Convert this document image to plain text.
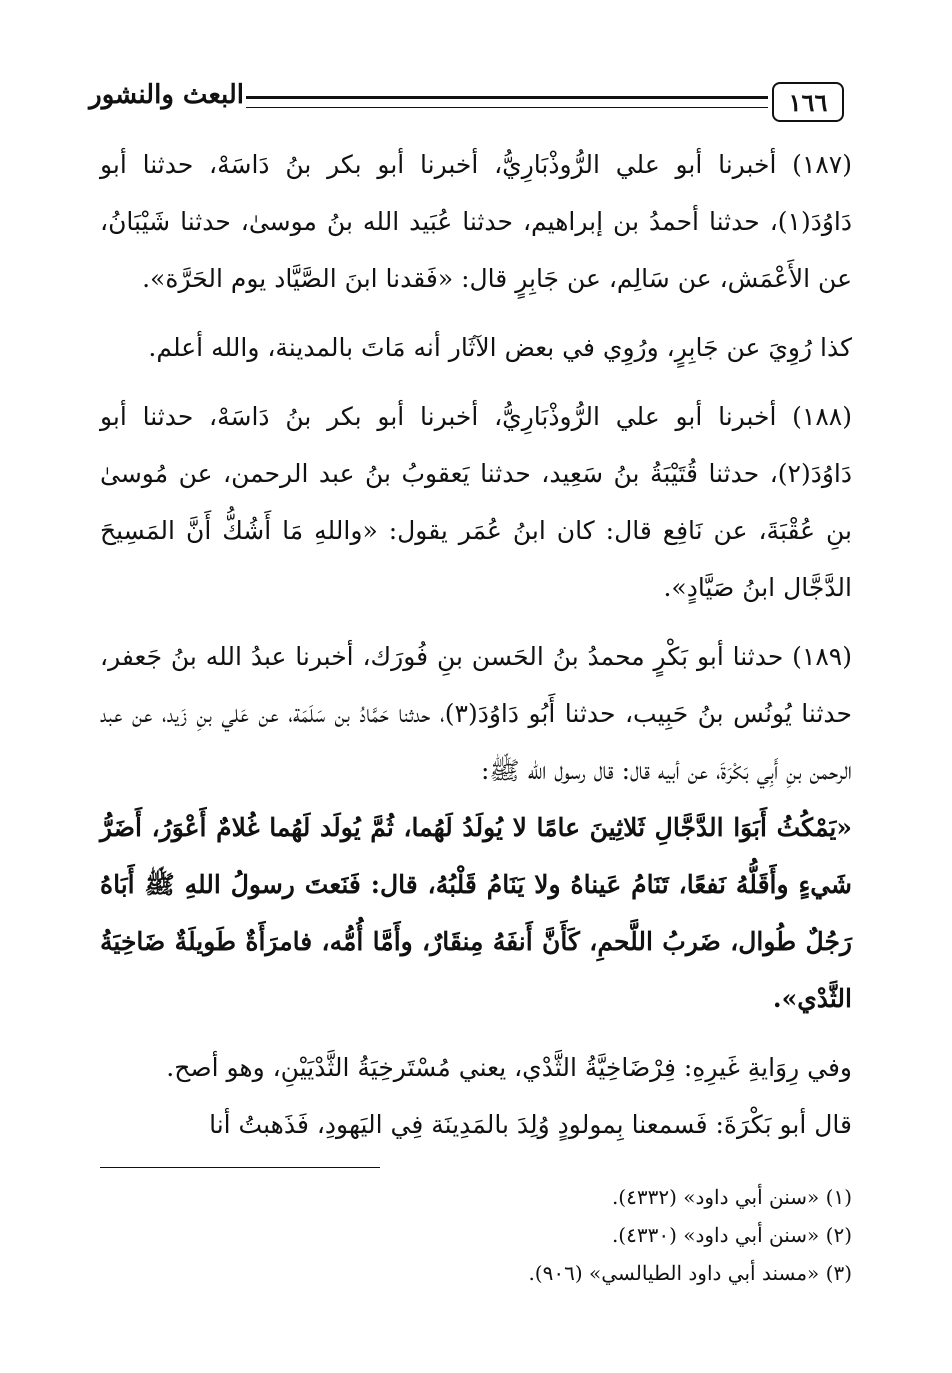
١٦٦
البعث والنشور

(١٨٧) أخبرنا أبو علي الرُّوذْبَارِيُّ، أخبرنا أبو بكر بنُ دَاسَهْ، حدثنا أبو دَاوُدَ(١)، حدثنا أحمدُ بن إبراهيم، حدثنا عُبَيد الله بنُ موسىٰ، حدثنا شَيْبَانُ، عن الأَعْمَش، عن سَالِم، عن جَابِرٍ قال: «فَقدنا ابنَ الصَّيَّاد يوم الحَرَّة».

كذا رُوِيَ عن جَابِرٍ، ورُوِي في بعض الآثَار أنه مَاتَ بالمدينة، والله أعلم.

(١٨٨) أخبرنا أبو علي الرُّوذْبَارِيُّ، أخبرنا أبو بكر بنُ دَاسَهْ، حدثنا أبو دَاوُدَ(٢)، حدثنا قُتَيْبَةُ بنُ سَعِيد، حدثنا يَعقوبُ بنُ عبد الرحمن، عن مُوسىٰ بنِ عُقْبَةَ، عن نَافِع قال: كان ابنُ عُمَر يقول: «واللهِ مَا أَشُكُّ أَنَّ المَسِيحَ الدَّجَّال ابنُ صَيَّادٍ».

(١٨٩) حدثنا أبو بَكْرٍ محمدُ بنُ الحَسن بنِ فُورَك، أخبرنا عبدُ الله بنُ جَعفر، حدثنا يُونُس بنُ حَبِيب، حدثنا أَبُو دَاوُدَ(٣)، حدثنا حَمَّادُ بن سَلَمَة، عن عَلي بنِ زَيد، عن عبد الرحمن بنِ أَبِي بَكْرَةَ، عن أبيه قال: قال رسول الله ﷺ:

«يَمْكُثُ أَبَوَا الدَّجَّالِ ثَلاثِينَ عامًا لا يُولَدُ لَهُما، ثُمَّ يُولَد لَهُما غُلامٌ أَعْوَرُ، أَضَرُّ شَيءٍ وأَقَلُّهُ نَفعًا، تَنَامُ عَيناهُ ولا يَنَامُ قَلْبُهُ، قال: فَنَعتَ رسولُ اللهِ ﷺ أَبَاهُ رَجُلٌ طُوال، ضَربُ اللَّحمِ، كَأَنَّ أَنفَهُ مِنقَارٌ، وأَمَّا أُمُّه، فامرَأَةٌ طَويلَةٌ ضَاخِيَةُ الثَّدْي».

وفي رِوَايةِ غَيرِهِ: فِرْضَاخِيَّةُ الثَّدْي، يعني مُسْتَرخِيَةُ الثَّدْيَيْنِ، وهو أصح.

قال أبو بَكْرَةَ: فَسمعنا بِمولودٍ وُلِدَ بالمَدِينَة فِي اليَهودِ، فَذَهبتُ أنا

(١) «سنن أبي داود» (٤٣٣٢).

(٢) «سنن أبي داود» (٤٣٣٠).

(٣) «مسند أبي داود الطيالسي» (٩٠٦).
